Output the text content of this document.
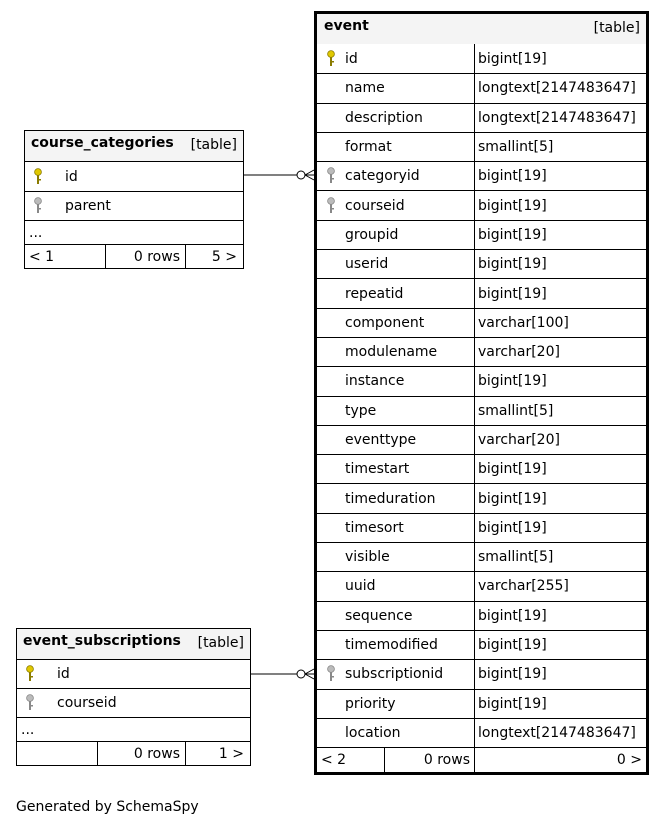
course_categories [table]
id
parent
...
< 1	0 rows	5 >
event_subscriptions [table]
id
courseid
...
0 rows	1 >
event	[table]
id	bigint[19]
name	longtext[2147483647]
description	longtext[2147483647]
format	smallint[5]
categoryid	bigint[19]
courseid	bigint[19]
groupid	bigint[19]
userid	bigint[19]
repeatid	bigint[19]
component	varchar[100]
modulename	varchar[20]
instance	bigint[19]
type	smallint[5]
eventtype	varchar[20]
timestart	bigint[19]
timeduration	bigint[19]
timesort	bigint[19]
visible	smallint[5]
uuid	varchar[255]
sequence	bigint[19]
timemodified	bigint[19]
subscriptionid bigint[19]
priority	bigint[19]
location	longtext[2147483647]
< 2	0 rows	0 >
Generated by SchemaSpy
